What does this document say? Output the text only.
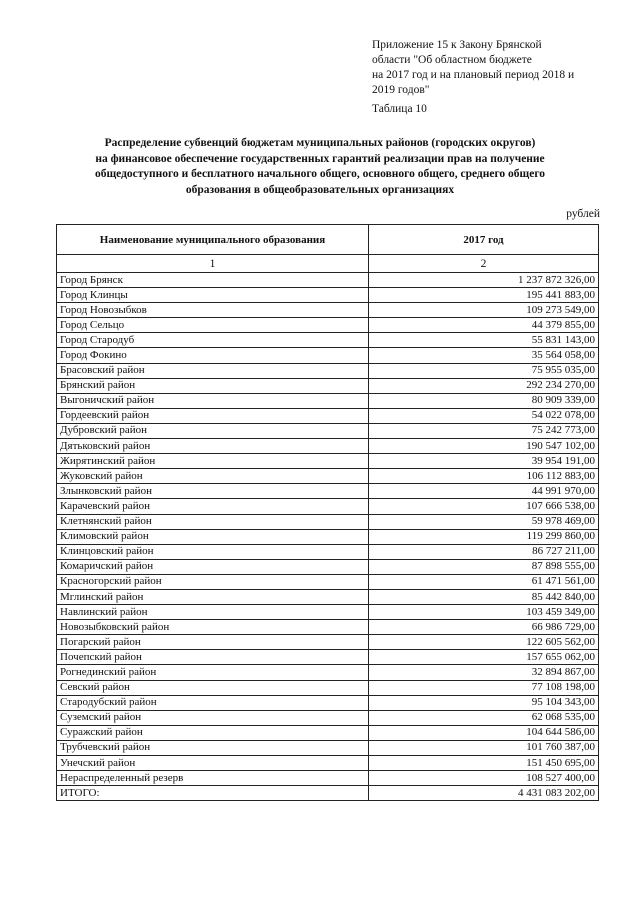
Приложение 15 к Закону Брянской
области "Об областном бюджете
на 2017 год и на плановый период 2018 и
2019 годов"
Таблица 10
Распределение субвенций бюджетам муниципальных районов (городских округов)
на финансовое обеспечение государственных гарантий реализации прав на получение
общедоступного и бесплатного начального общего, основного общего, среднего общего
образования в общеобразовательных организациях
рублей
Наименование муниципального образования	2017 год
1	2
Город Брянск	1 237 872 326,00
Город Клинцы	195 441 883,00
Город Новозыбков	109 273 549,00
Город Сельцо	44 379 855,00
Город Стародуб	55 831 143,00
Город Фокино	35 564 058,00
Брасовский район	75 955 035,00
Брянский район	292 234 270,00
Выгоничский район	80 909 339,00
Гордеевский район	54 022 078,00
Дубровский район	75 242 773,00
Дятьковский район	190 547 102,00
Жирятинский район	39 954 191,00
Жуковский район	106 112 883,00
Злынковский район	44 991 970,00
Карачевский район	107 666 538,00
Клетнянский район	59 978 469,00
Климовский район	119 299 860,00
Клинцовский район	86 727 211,00
Комаричский район	87 898 555,00
Красногорский район	61 471 561,00
Мглинский район	85 442 840,00
Навлинский район	103 459 349,00
Новозыбковский район	66 986 729,00
Погарский район	122 605 562,00
Почепский район	157 655 062,00
Рогнединский район	32 894 867,00
Севский район	77 108 198,00
Стародубский район	95 104 343,00
Суземский район	62 068 535,00
Суражский район	104 644 586,00
Трубчевский район	101 760 387,00
Унечский район	151 450 695,00
Нераспределенный резерв	108 527 400,00
ИТОГО:	4 431 083 202,00
